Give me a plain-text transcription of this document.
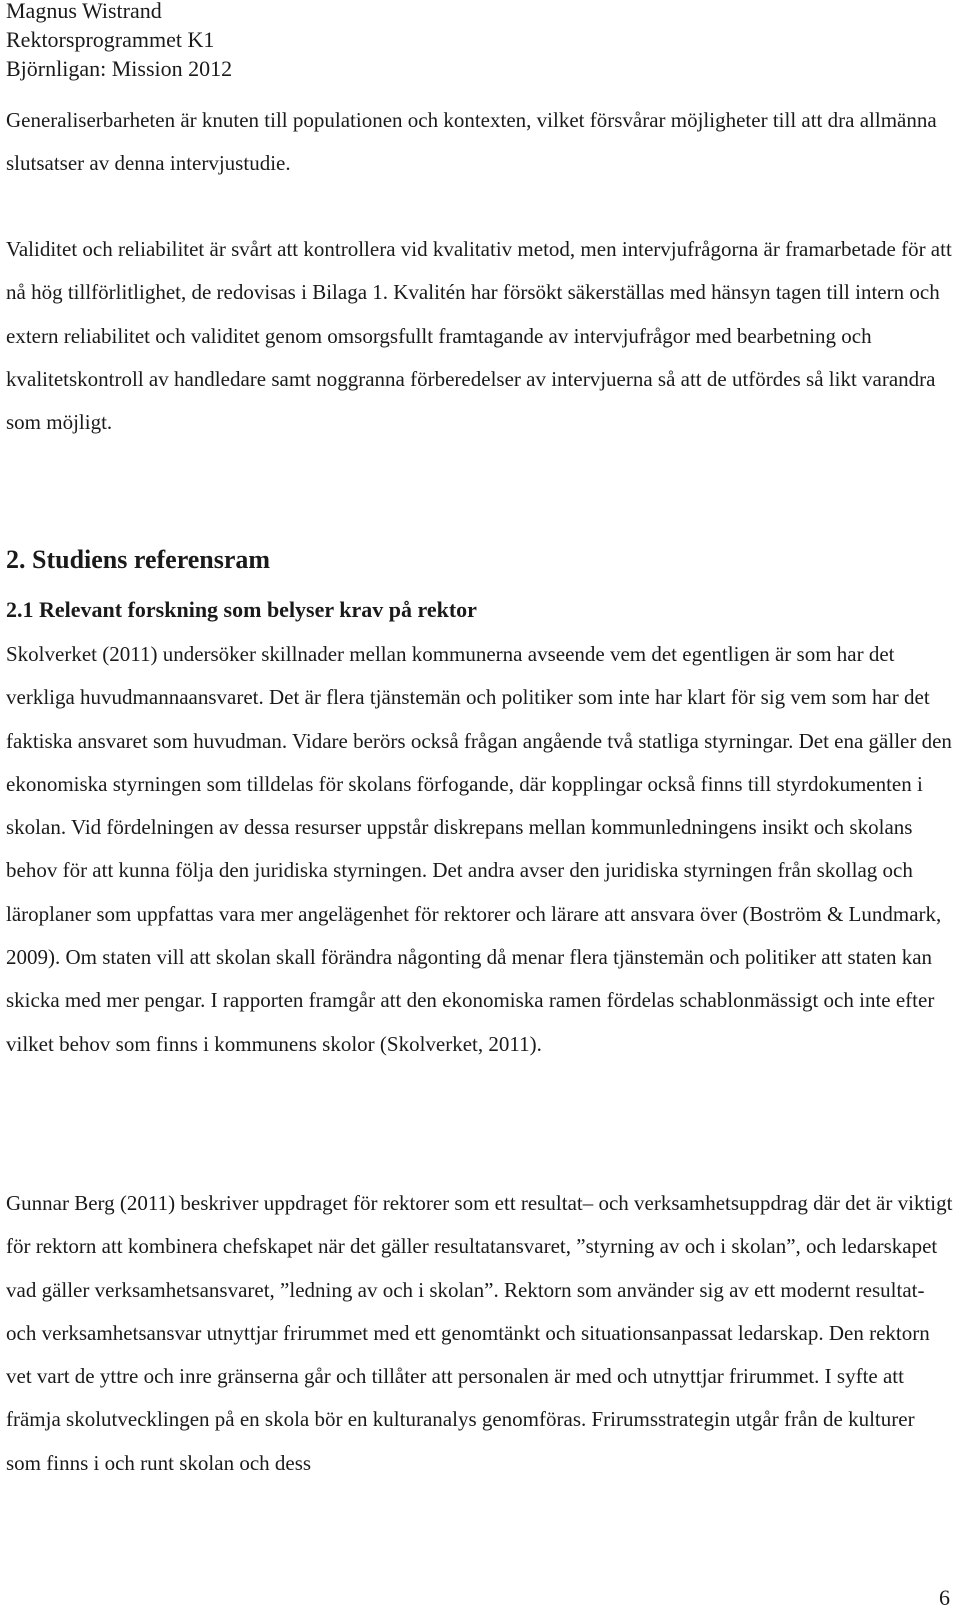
Magnus Wistrand
Rektorsprogrammet K1
Björnligan: Mission 2012

Generaliserbarheten är knuten till populationen och kontexten, vilket försvårar möjligheter till att dra allmänna slutsatser av denna intervjustudie.

Validitet och reliabilitet är svårt att kontrollera vid kvalitativ metod, men intervjufrågorna är framarbetade för att nå hög tillförlitlighet, de redovisas i Bilaga 1. Kvalitén har försökt säkerställas med hänsyn tagen till intern och extern reliabilitet och validitet genom omsorgsfullt framtagande av intervjufrågor med bearbetning och kvalitetskontroll av handledare samt noggranna förberedelser av intervjuerna så att de utfördes så likt varandra som möjligt.

2. Studiens referensram
2.1 Relevant forskning som belyser krav på rektor

Skolverket (2011) undersöker skillnader mellan kommunerna avseende vem det egentligen är som har det verkliga huvudmannaansvaret. Det är flera tjänstemän och politiker som inte har klart för sig vem som har det faktiska ansvaret som huvudman. Vidare berörs också frågan angående två statliga styrningar. Det ena gäller den ekonomiska styrningen som tilldelas för skolans förfogande, där kopplingar också finns till styrdokumenten i skolan. Vid fördelningen av dessa resurser uppstår diskrepans mellan kommunledningens insikt och skolans behov för att kunna följa den juridiska styrningen. Det andra avser den juridiska styrningen från skollag och läroplaner som uppfattas vara mer angelägenhet för rektorer och lärare att ansvara över (Boström & Lundmark, 2009). Om staten vill att skolan skall förändra någonting då menar flera tjänstemän och politiker att staten kan skicka med mer pengar. I rapporten framgår att den ekonomiska ramen fördelas schablonmässigt och inte efter vilket behov som finns i kommunens skolor (Skolverket, 2011).

Gunnar Berg (2011) beskriver uppdraget för rektorer som ett resultat– och verksamhetsuppdrag där det är viktigt för rektorn att kombinera chefskapet när det gäller resultatansvaret, ”styrning av och i skolan”, och ledarskapet vad gäller verksamhetsansvaret, ”ledning av och i skolan”. Rektorn som använder sig av ett modernt resultat- och verksamhetsansvar utnyttjar frirummet med ett genomtänkt och situationsanpassat ledarskap. Den rektorn vet vart de yttre och inre gränserna går och tillåter att personalen är med och utnyttjar frirummet. I syfte att främja skolutvecklingen på en skola bör en kulturanalys genomföras. Frirumsstrategin utgår från de kulturer som finns i och runt skolan och dess

6
